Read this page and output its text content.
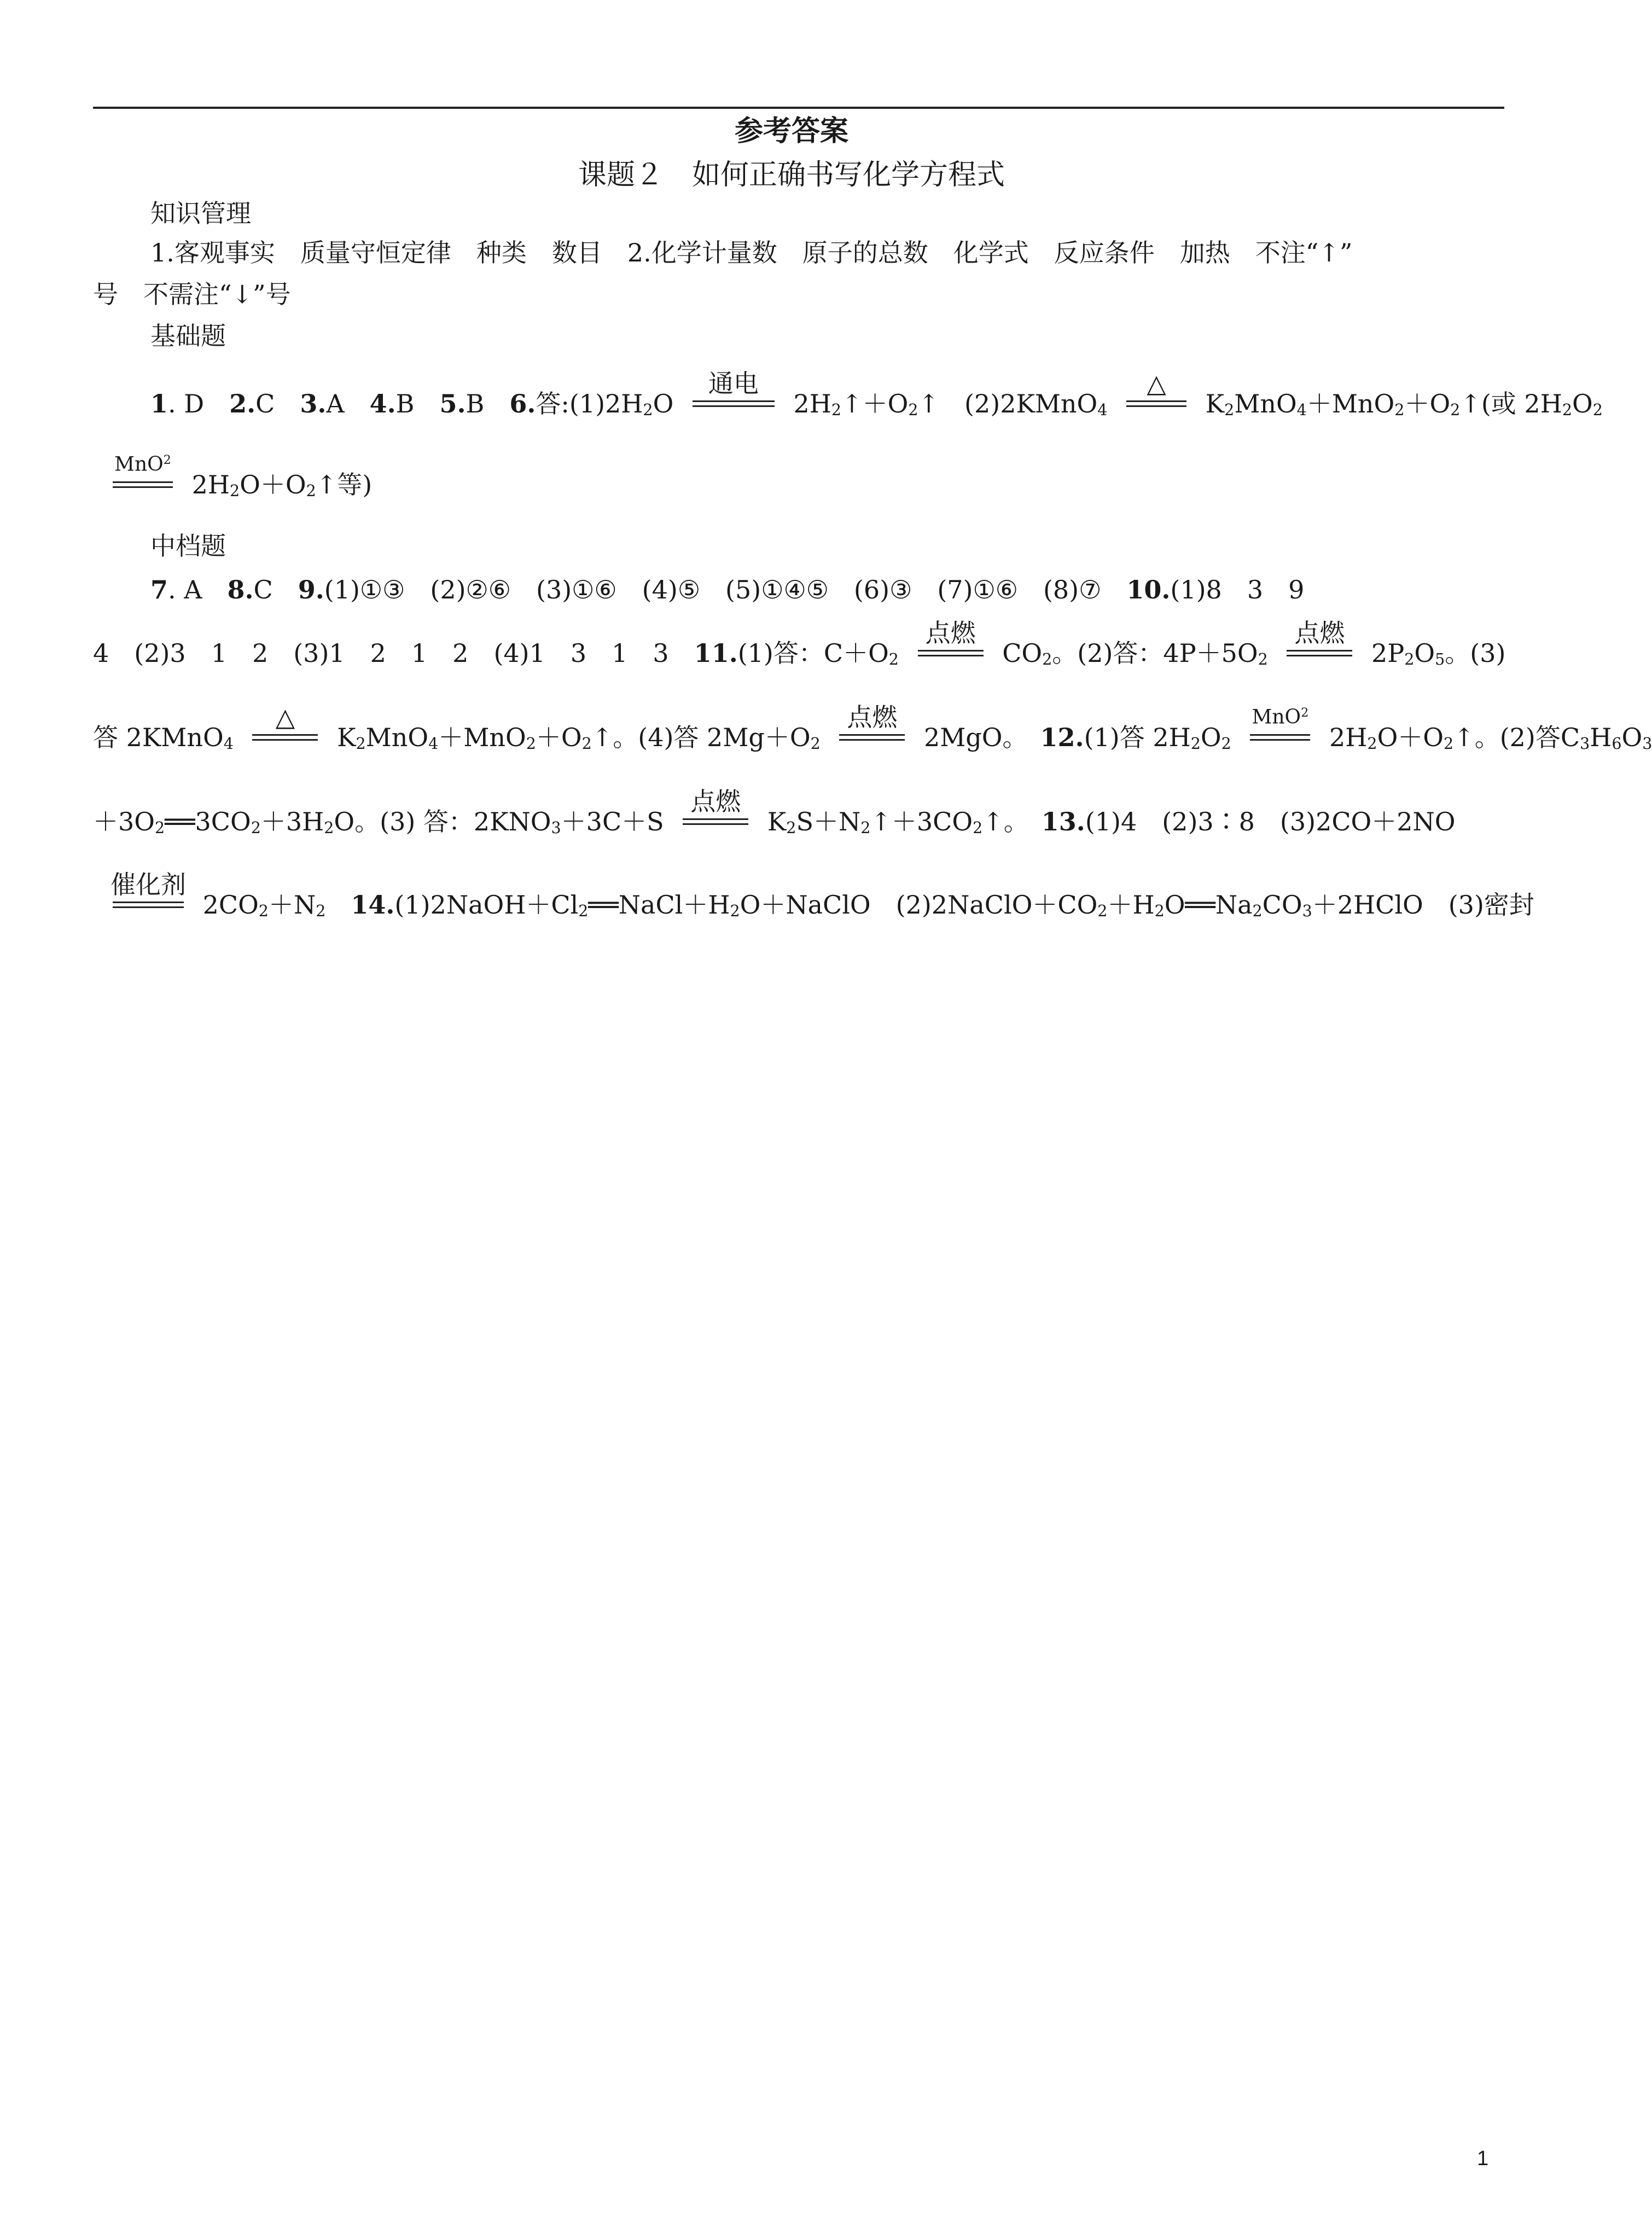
参考答案
课题２　如何正确书写化学方程式
知识管理
1.客观事实　质量守恒定律　种类　数目　2.化学计量数　原子的总数　化学式　反应条件　加热　不注“↑”
号　不需注“↓”号
基础题
1. D　2.C　3.A　4.B　5.B　6.答:(1)2H2O
通电
2H2↑＋O2↑　(2)2KMnO4
△
K2MnO4＋MnO2＋O2↑(或 2H2O2
MnO$^2$
2H2O＋O2↑等)
中档题
7. A　8.C　9.(1)①③　(2)②⑥　(3)①⑥　(4)⑤　(5)①④⑤　(6)③　(7)①⑥　(8)⑦　10.(1)8　3　9
4　(2)3　1　2　(3)1　2　1　2　(4)1　3　1　3　11.(1)答：C＋O2
点燃
CO2。(2)答：4P＋5O2
点燃
2P2O5。(3)
答 2KMnO4
△
K2MnO4＋MnO2＋O2↑。(4)答 2Mg＋O2
点燃
2MgO。　12.(1)答 2H2O2
MnO$^2$
2H2O＋O2↑。(2)答C3H6O3
＋3O2══3CO2＋3H2O。(3) 答：2KNO3＋3C＋S
点燃
K2S＋N2↑＋3CO2↑。　13.(1)4　(2)3∶8　(3)2CO＋2NO
催化剂
2CO2＋N2　 14.(1)2NaOH＋Cl2══NaCl＋H2O＋NaClO　(2)2NaClO＋CO2＋H2O══Na2CO3＋2HClO　(3)密封
1
